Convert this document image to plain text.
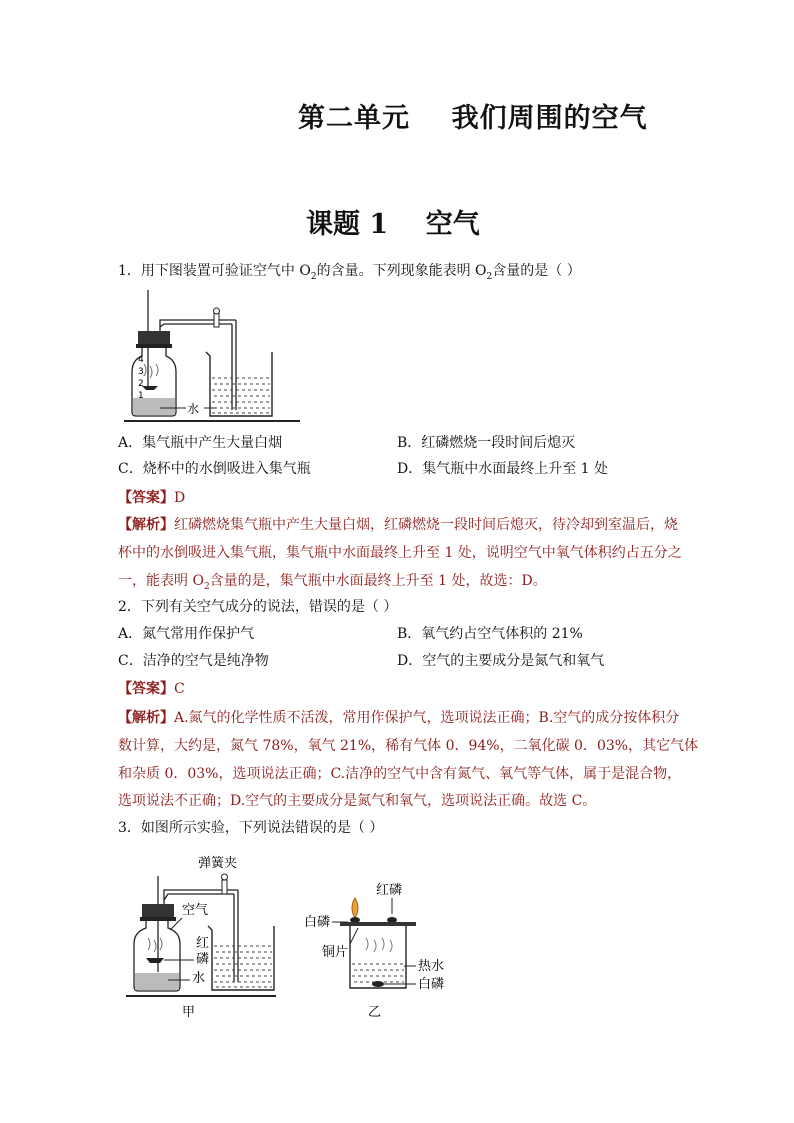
第二单元    我们周围的空气
课题 1    空气
1．用下图装置可验证空气中 $O_2$的含量。下列现象能表明 $O_2$含量的是（ ）
4
3
2
1
水
A．集气瓶中产生大量白烟	B．红磷燃烧一段时间后熄灭
C．烧杯中的水倒吸进入集气瓶	D．集气瓶中水面最终上升至 1 处
【答案】D
【解析】红磷燃烧集气瓶中产生大量白烟，红磷燃烧一段时间后熄灭，待冷却到室温后，烧
杯中的水倒吸进入集气瓶，集气瓶中水面最终上升至 1 处，说明空气中氧气体积约占五分之
一，能表明 $O_2$含量的是，集气瓶中水面最终上升至 1 处，故选：D。
2．下列有关空气成分的说法，错误的是（ ）
A．氮气常用作保护气	B．氧气约占空气体积的 21%
C．洁净的空气是纯净物	D．空气的主要成分是氮气和氧气
【答案】C
【解析】A.氮气的化学性质不活泼，常用作保护气，选项说法正确；B.空气的成分按体积分
数计算，大约是，氮气 78%，氧气 21%，稀有气体 0．94%，二氧化碳 0．03%，其它气体
和杂质 0．03%，选项说法正确；C.洁净的空气中含有氮气、氧气等气体，属于是混合物，
选项说法不正确；D.空气的主要成分是氮气和氧气，选项说法正确。故选 C。
3．如图所示实验，下列说法错误的是（ ）
弹簧夹
空气
红
磷
水
甲
红磷
白磷
铜片
热水
白磷
乙
